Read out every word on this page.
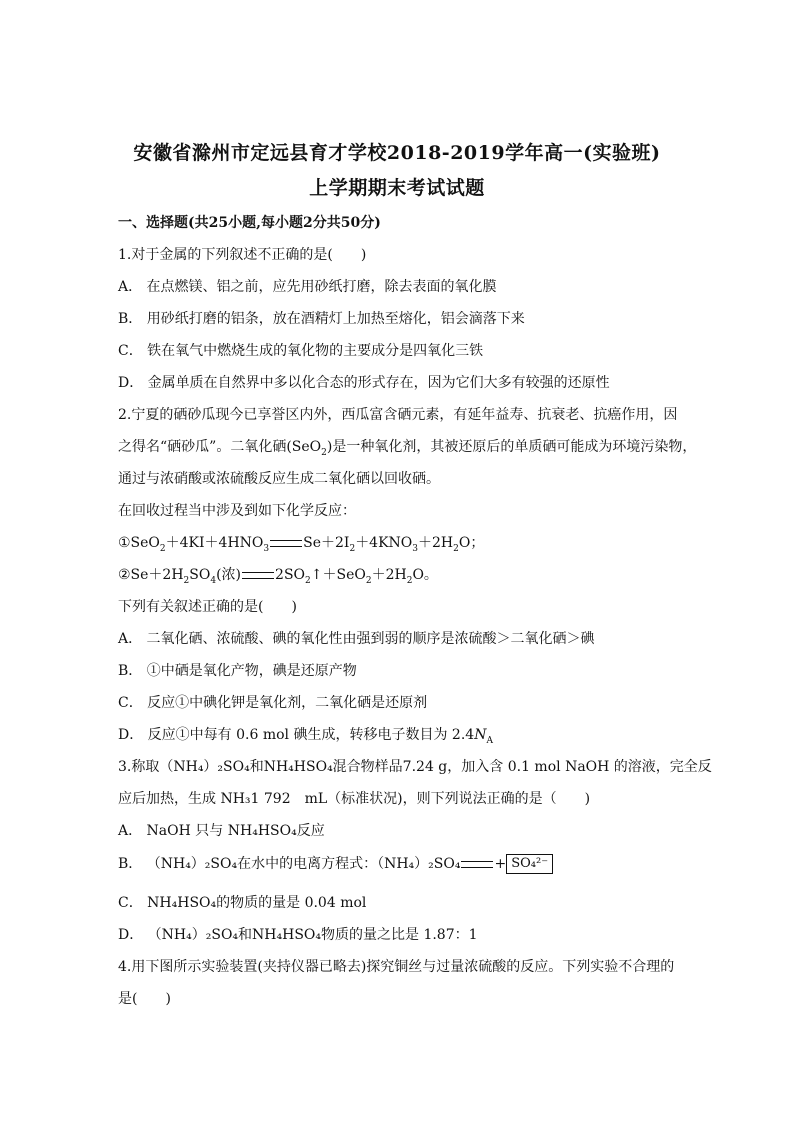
安徽省滁州市定远县育才学校2018-2019学年高一(实验班)
上学期期末考试试题
一、选择题(共25小题,每小题2分共50分)
1.对于金属的下列叙述不正确的是(　　)
A． 在点燃镁、铝之前，应先用砂纸打磨，除去表面的氧化膜
B． 用砂纸打磨的铝条，放在酒精灯上加热至熔化，铝会滴落下来
C． 铁在氧气中燃烧生成的氧化物的主要成分是四氧化三铁
D． 金属单质在自然界中多以化合态的形式存在，因为它们大多有较强的还原性
2.宁夏的硒砂瓜现今已享誉区内外，西瓜富含硒元素，有延年益寿、抗衰老、抗癌作用，因
之得名“硒砂瓜”。二氧化硒(SeO$_2$)是一种氧化剂，其被还原后的单质硒可能成为环境污染物，
通过与浓硝酸或浓硫酸反应生成二氧化硒以回收硒。
在回收过程当中涉及到如下化学反应：
$①SeO_2+4KI+4HNO_3$ $Se+2I_2+4KNO_3+2H_2O$；
$②Se+2H_2SO_4$(浓) $2SO_2↑+SeO_2+2H_2O$。
下列有关叙述正确的是(　　)
A． 二氧化硒、浓硫酸、碘的氧化性由强到弱的顺序是浓硫酸＞二氧化硒＞碘
B． ①中硒是氧化产物，碘是还原产物
C． 反应①中碘化钾是氧化剂，二氧化硒是还原剂
D． 反应①中每有 0.6 mol 碘生成，转移电子数目为 $2.4N_A$
3.称取（NH₄）₂SO₄和NH₄HSO₄混合物样品7.24 g，加入含 0.1 mol NaOH 的溶液，完全反
应后加热，生成 NH₃1 792　mL（标准状况)，则下列说法正确的是（　　)
A． NaOH 只与 NH₄HSO₄反应
B． （NH₄）₂SO₄在水中的电离方程式：（NH₄）₂SO₄ + SO₄²⁻
C． NH₄HSO₄的物质的量是 0.04 mol
D． （NH₄）₂SO₄和NH₄HSO₄物质的量之比是 1.87：1
4.用下图所示实验装置(夹持仪器已略去)探究铜丝与过量浓硫酸的反应。下列实验不合理的
是(　　)
